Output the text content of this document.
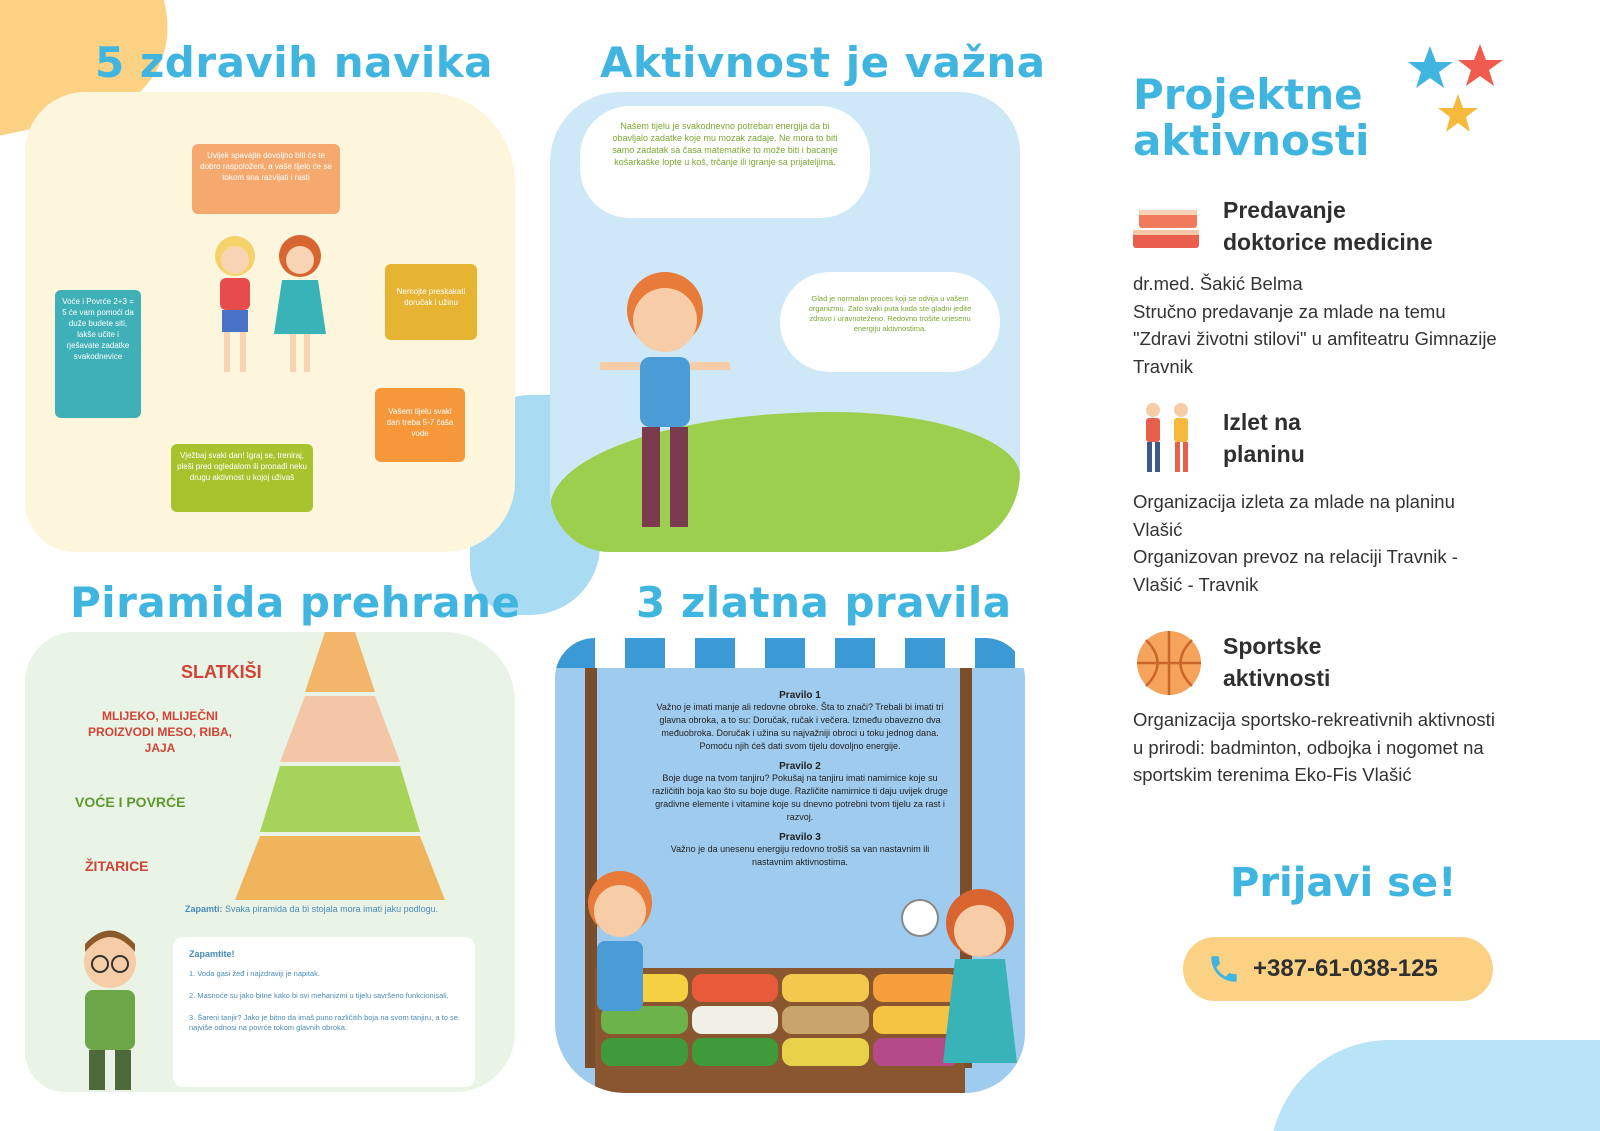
5 zdravih navika	Aktivnost je važna
Piramida prehrane	3 zlatna pravila
Uvijek spavajte dovoljno biti će te dobro raspoloženi, a vaše tijelo će se tokom sna razvijati i rasti
Voće i Povrće 2+3 = 5 će vam pomoći da duže budete siti, lakše učite i rješavate zadatke svakodnevice
Nemojte preskakati doručak i užinu
Vašem tijelu svaki dan treba 5-7 čaša vode
Vježbaj svaki dan! Igraj se, treniraj, pleši pred ogledalom ili pronađi neku drugu aktivnost u kojoj uživaš
Našem tijelu je svakodnevno potreban energija da bi obavljalo zadatke koje mu mozak zadaje. Ne mora to biti samo zadatak sa časa matematike to može biti i bacanje košarkaške lopte u koš, trčanje ili igranje sa prijateljima.
Glad je normalan proces koji se odvija u vašem organizmu. Zato svaki puta kada ste gladni jedite zdravo i uravnoteženo. Redovno trošite unesenu energiju aktivnostima.
SLATKIŠI
MLIJEKO, MLIJEČNI PROIZVODI MESO, RIBA, JAJA
VOĆE I POVRĆE
ŽITARICE
Zapamti: Svaka piramida da bi stojala mora imati jaku podlogu.
Zapamtite!
1. Voda gasi žeđ i najzdraviji je napitak.
2. Masnoće su jako bitne kako bi svi mehanizmi u tijelu savršeno funkcionisali.
3. Šareni tanjir? Jako je bitno da imaš puno različitih boja na svom tanjiru, a to se najviše odnosi na povrće tokom glavnih obroka.
Pravilo 1
Važno je imati manje ali redovne obroke. Šta to znači? Trebali bi imati tri glavna obroka, a to su: Doručak, ručak i večera. Između obavezno dva međuobroka. Doručak i užina su najvažniji obroci u toku jednog dana. Pomoću njih ćeš dati svom tijelu dovoljno energije.
Pravilo 2
Boje duge na tvom tanjiru? Pokušaj na tanjiru imati namirnice koje su različitih boja kao što su boje duge. Različite namirnice ti daju uvijek druge gradivne elemente i vitamine koje su dnevno potrebni tvom tijelu za rast i razvoj.
Pravilo 3
Važno je da unesenu energiju redovno trošiš sa van nastavnim ili nastavnim aktivnostima.
Projektne
aktivnosti
Predavanje
doktorice medicine

dr.med. Šakić Belma

Stručno predavanje za mlade na temu

"Zdravi životni stilovi" u amfiteatru Gimnazije

Travnik

Izlet na
planinu

Organizacija izleta za mlade na planinu

Vlašić

Organizovan prevoz na relaciji Travnik -

Vlašić - Travnik

Sportske
aktivnosti

Organizacija sportsko-rekreativnih aktivnosti

u prirodi: badminton, odbojka i nogomet na

sportskim terenima Eko-Fis Vlašić

Prijavi se!
+387-61-038-125
